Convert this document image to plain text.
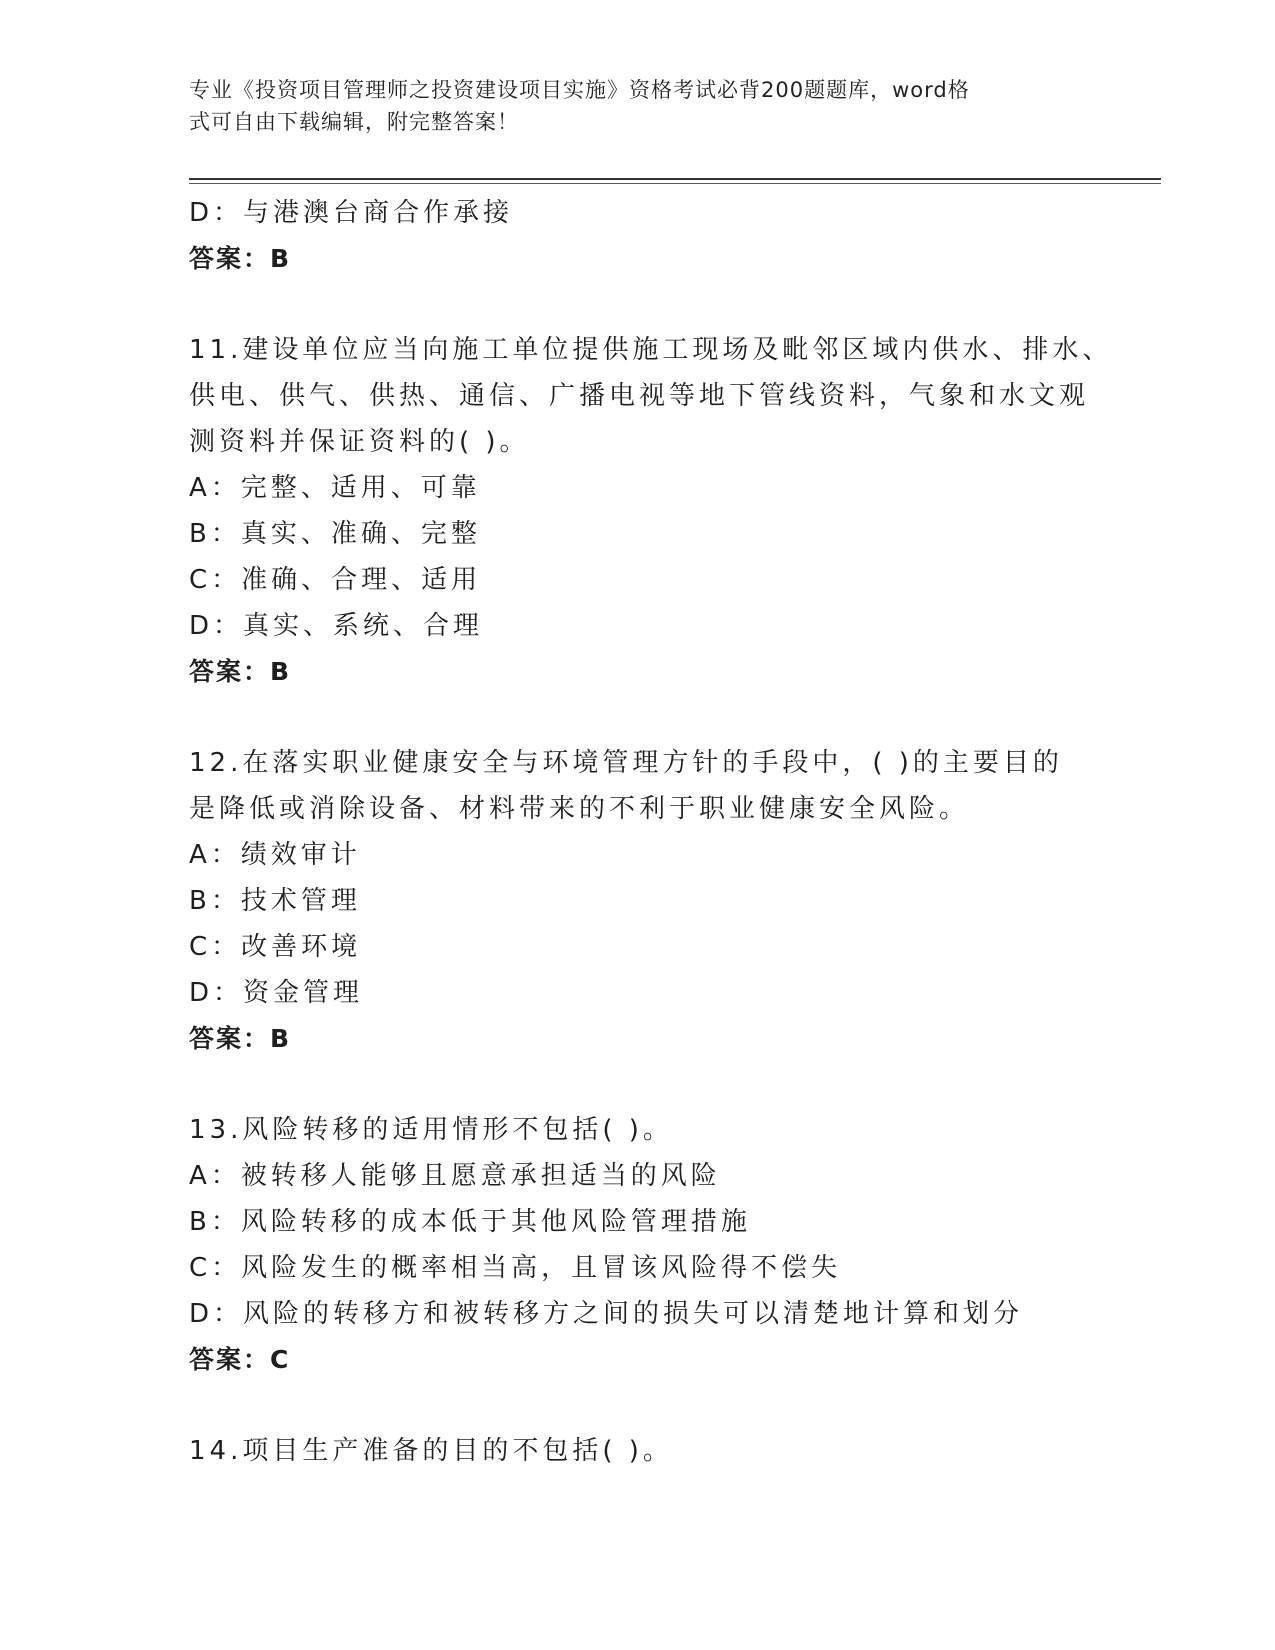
专业《投资项目管理师之投资建设项目实施》资格考试必背200题题库，word格
式可自由下载编辑，附完整答案！
D：与港澳台商合作承接
答案：B
11.建设单位应当向施工单位提供施工现场及毗邻区域内供水、排水、
供电、供气、供热、通信、广播电视等地下管线资料，气象和水文观
测资料并保证资料的( )。
A：完整、适用、可靠
B：真实、准确、完整
C：准确、合理、适用
D：真实、系统、合理
答案：B
12.在落实职业健康安全与环境管理方针的手段中，( )的主要目的
是降低或消除设备、材料带来的不利于职业健康安全风险。
A：绩效审计
B：技术管理
C：改善环境
D：资金管理
答案：B
13.风险转移的适用情形不包括( )。
A：被转移人能够且愿意承担适当的风险
B：风险转移的成本低于其他风险管理措施
C：风险发生的概率相当高，且冒该风险得不偿失
D：风险的转移方和被转移方之间的损失可以清楚地计算和划分
答案：C
14.项目生产准备的目的不包括( )。
